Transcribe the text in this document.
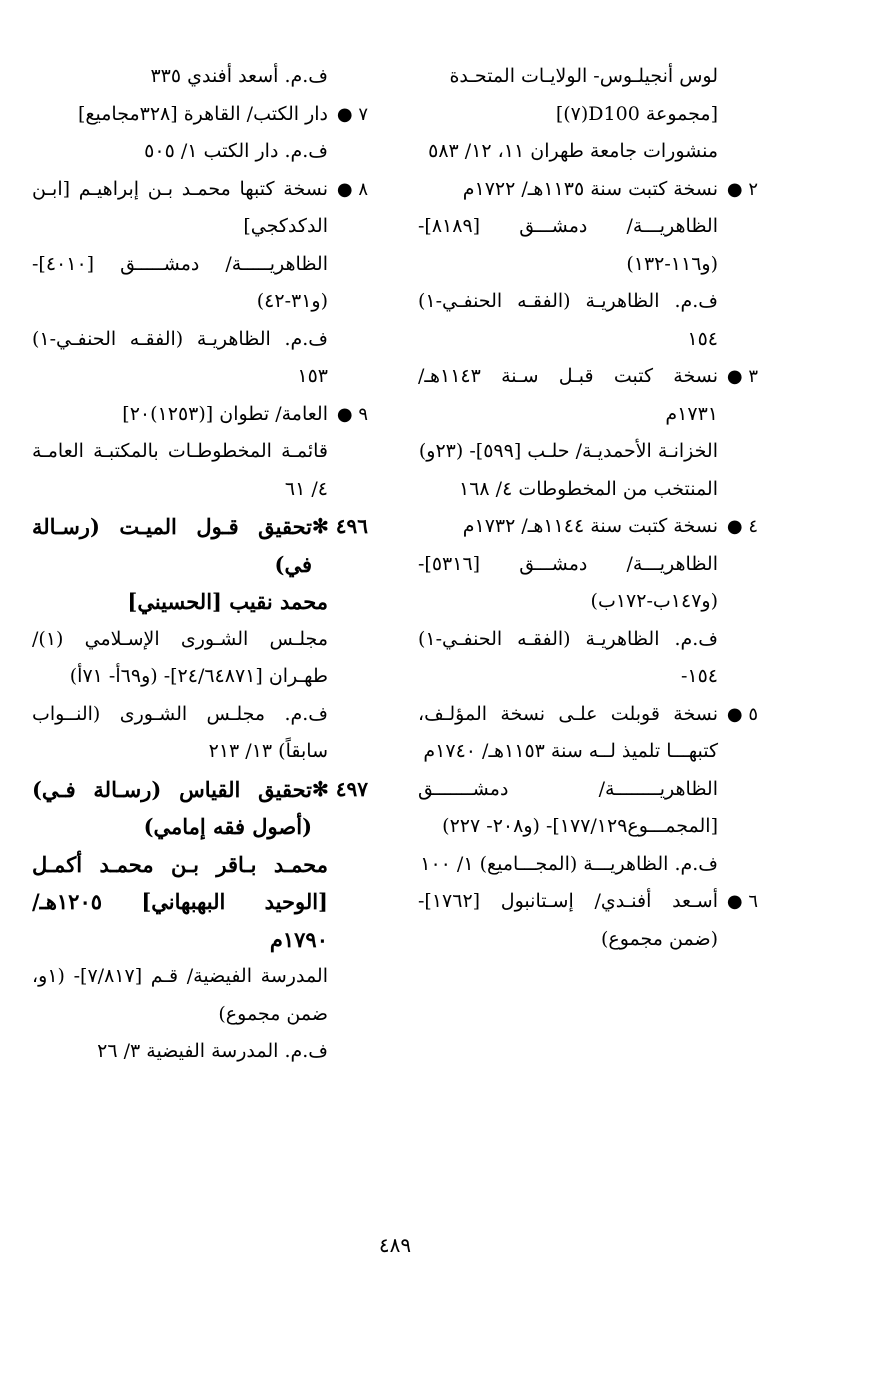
لوس أنجيلـوس- الولايـات المتحـدة
[مجموعة D100(٧)]
منشورات جامعة طهران ١١، ١٢/ ٥٨٣
٢ ●
نسخة كتبت سنة ١١٣٥هـ/ ١٧٢٢م
الظاهريـــة/ دمشـــق [٨١٨٩]- (و١١٦-١٣٢)
ف.م. الظاهريـة (الفقـه الحنفـي-١) ١٥٤
٣ ●
نسخة كتبت قبـل سـنة ١١٤٣هـ/ ١٧٣١م
الخزانـة الأحمديـة/ حلـب [٥٩٩]- (٢٣و)
المنتخب من المخطوطات ٤/ ١٦٨
٤ ●
نسخة كتبت سنة ١١٤٤هـ/ ١٧٣٢م
الظاهريـــة/ دمشـــق [٥٣١٦]- (و١٤٧ب-١٧٢ب)
ف.م. الظاهريـة (الفقـه الحنفـي-١) ١٥٤-
٥ ●
نسخة قوبلت علـى نسخة المؤلـف، كتبهـــا تلميذ لــه سنة ١١٥٣هـ/ ١٧٤٠م
الظاهريــــــــة/ دمشـــــــق [المجمـــوع١٧٧/١٢٩]- (و٢٠٨- ٢٢٧)
ف.م. الظاهريـــة (المجـــاميع) ١/ ١٠٠
٦ ●
أسـعد أفنـدي/ إسـتانبول [١٧٦٢]- (ضمن مجموع)
ف.م. أسعد أفندي ٣٣٥
٧ ●
دار الكتب/ القاهرة [٣٢٨مجاميع]
ف.م. دار الكتب ١/ ٥٠٥
٨ ●
نسخة كتبها محمـد بـن إبراهيـم [ابـن الدكدكجي]
الظاهريـــــة/ دمشـــــق [٤٠١٠]- (و٣١-٤٢)
ف.م. الظاهريـة (الفقـه الحنفـي-١) ١٥٣
٩ ●
العامة/ تطوان [(١٢٥٣)٢٠]
قائمـة المخطوطـات بالمكتبـة العامـة ٤/ ٦١
٤٩٦ ✻
تحقيق قـول الميـت (رسـالة في)
محمد نقيب [الحسيني]
مجلـس الشـورى الإسـلامي (١)/ طهـران [٢٤/٦٤٨٧١]- (و٦٩أ- ٧١أ)
ف.م. مجلـس الشـورى (النــواب سابقاً) ١٣/ ٢١٣
٤٩٧ ✻
تحقيق القياس (رسـالة فـي) (أصول فقه إمامي)
محمـد بـاقر بـن محمـد أكمـل [الوحيد البهبهاني] ١٢٠٥هـ/ ١٧٩٠م
المدرسة الفيضية/ قـم [٧/٨١٧]- (١و، ضمن مجموع)
ف.م. المدرسة الفيضية ٣/ ٢٦
٤٨٩
